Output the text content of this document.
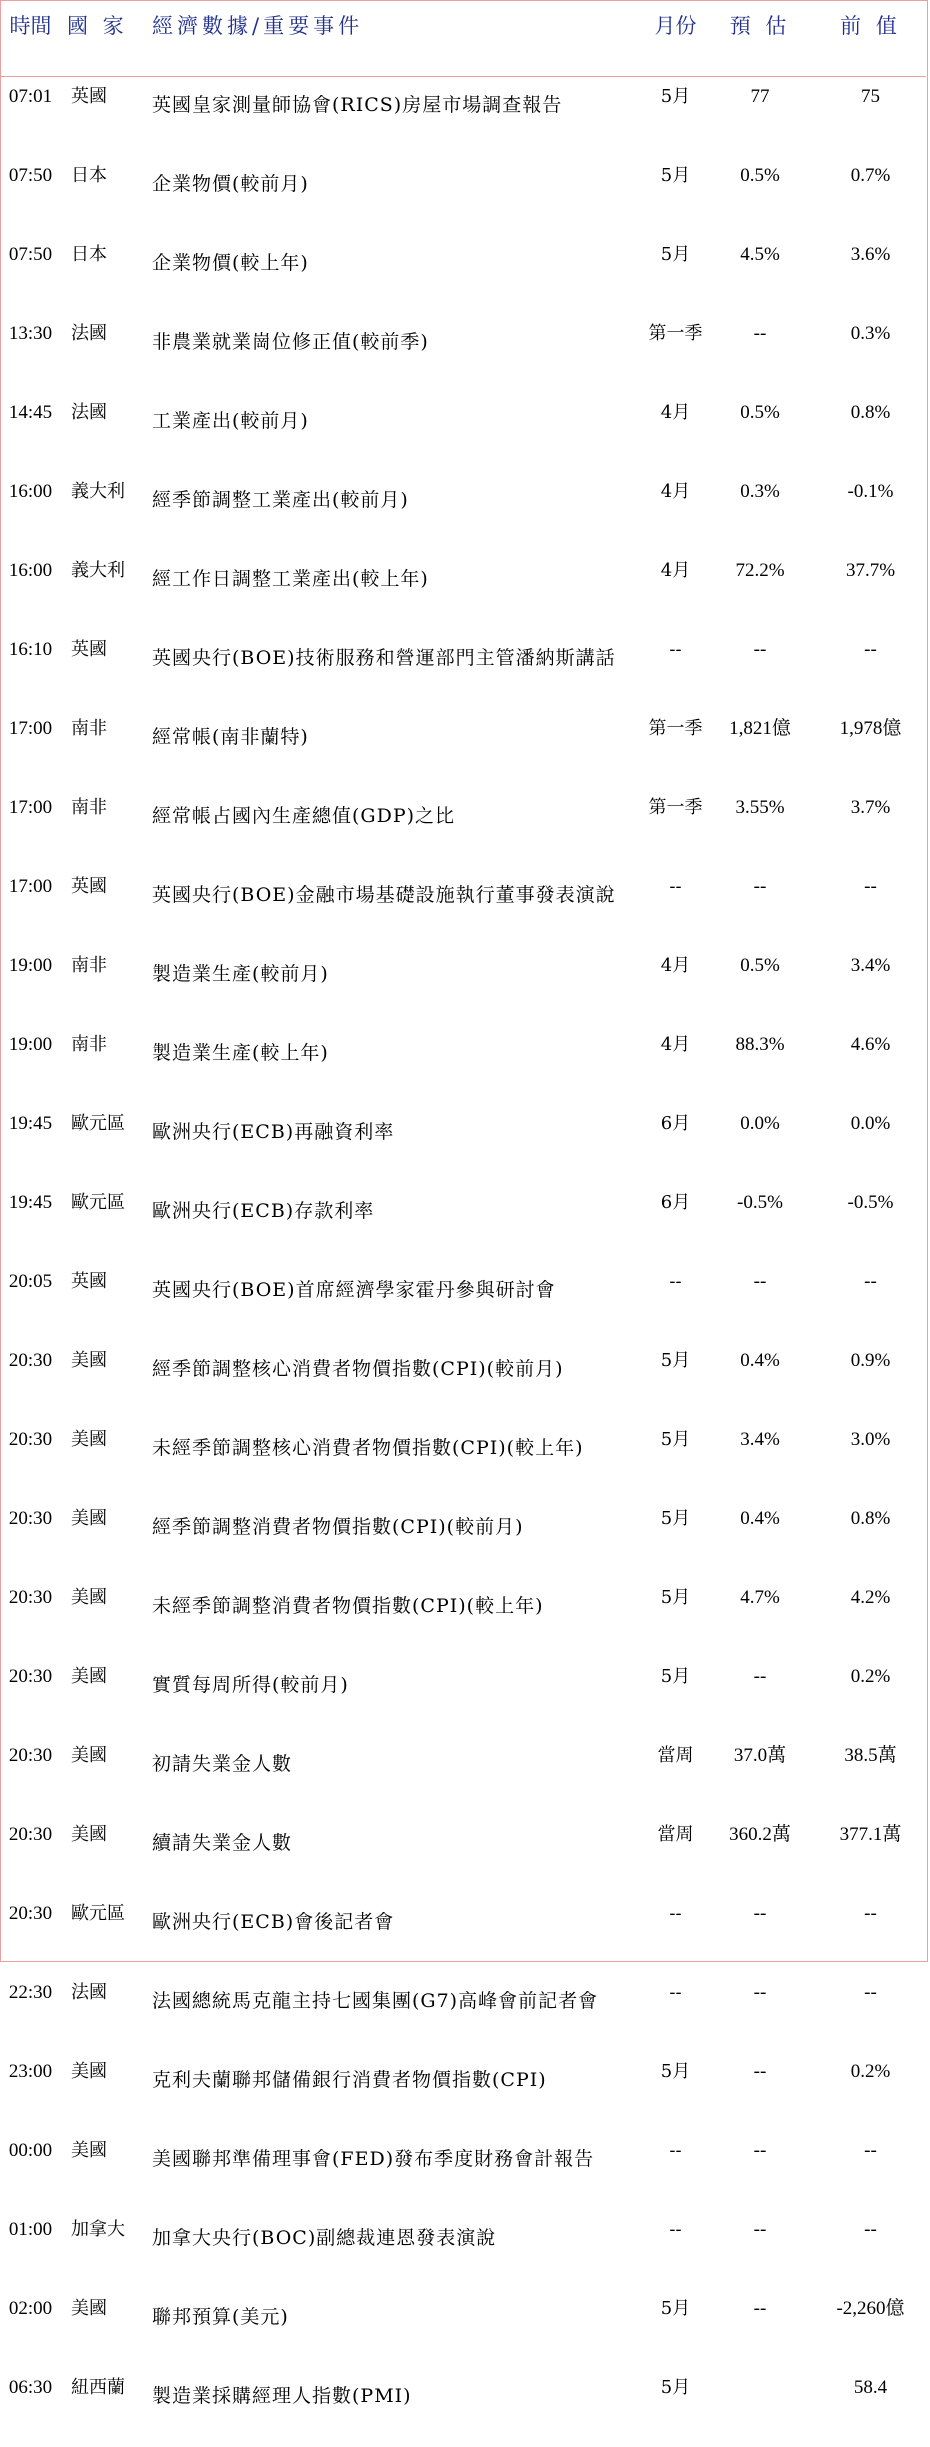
時間	國 家	經濟數據/重要事件	月份	預 估	前 值
07:01	英國	英國皇家測量師協會(RICS)房屋市場調查報告	5月	77	75
07:50	日本	企業物價(較前月)	5月	0.5%	0.7%
07:50	日本	企業物價(較上年)	5月	4.5%	3.6%
13:30	法國	非農業就業崗位修正值(較前季)	第一季	--	0.3%
14:45	法國	工業產出(較前月)	4月	0.5%	0.8%
16:00	義大利	經季節調整工業產出(較前月)	4月	0.3%	-0.1%
16:00	義大利	經工作日調整工業產出(較上年)	4月	72.2%	37.7%
16:10	英國	英國央行(BOE)技術服務和營運部門主管潘納斯講話	--	--	--
17:00	南非	經常帳(南非蘭特)	第一季	1,821億	1,978億
17:00	南非	經常帳占國內生產總值(GDP)之比	第一季	3.55%	3.7%
17:00	英國	英國央行(BOE)金融市場基礎設施執行董事發表演說	--	--	--
19:00	南非	製造業生產(較前月)	4月	0.5%	3.4%
19:00	南非	製造業生產(較上年)	4月	88.3%	4.6%
19:45	歐元區	歐洲央行(ECB)再融資利率	6月	0.0%	0.0%
19:45	歐元區	歐洲央行(ECB)存款利率	6月	-0.5%	-0.5%
20:05	英國	英國央行(BOE)首席經濟學家霍丹參與研討會	--	--	--
20:30	美國	經季節調整核心消費者物價指數(CPI)(較前月)	5月	0.4%	0.9%
20:30	美國	未經季節調整核心消費者物價指數(CPI)(較上年)	5月	3.4%	3.0%
20:30	美國	經季節調整消費者物價指數(CPI)(較前月)	5月	0.4%	0.8%
20:30	美國	未經季節調整消費者物價指數(CPI)(較上年)	5月	4.7%	4.2%
20:30	美國	實質每周所得(較前月)	5月	--	0.2%
20:30	美國	初請失業金人數	當周	37.0萬	38.5萬
20:30	美國	續請失業金人數	當周	360.2萬	377.1萬
20:30	歐元區	歐洲央行(ECB)會後記者會	--	--	--
22:30	法國	法國總統馬克龍主持七國集團(G7)高峰會前記者會	--	--	--
23:00	美國	克利夫蘭聯邦儲備銀行消費者物價指數(CPI)	5月	--	0.2%
00:00	美國	美國聯邦準備理事會(FED)發布季度財務會計報告	--	--	--
01:00	加拿大	加拿大央行(BOC)副總裁連恩發表演說	--	--	--
02:00	美國	聯邦預算(美元)	5月	--	-2,260億
06:30	紐西蘭	製造業採購經理人指數(PMI)	5月		58.4
